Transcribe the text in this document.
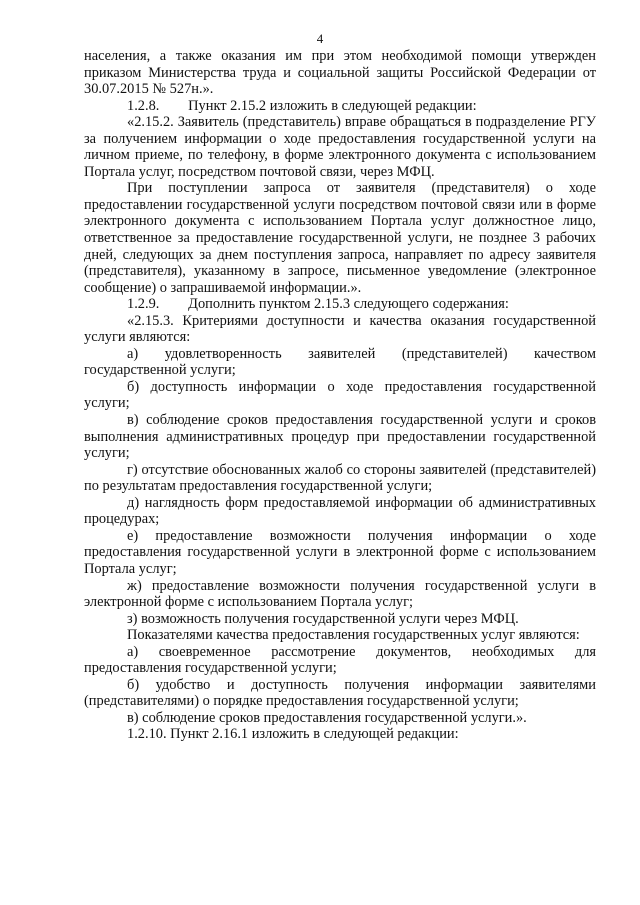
4

населения, а также оказания им при этом необходимой помощи утвержден приказом Министерства труда и социальной защиты Российской Федерации от 30.07.2015 № 527н.».

1.2.8.        Пункт 2.15.2 изложить в следующей редакции:

«2.15.2. Заявитель (представитель) вправе обращаться в подразделение РГУ за получением информации о ходе предоставления государственной услуги на личном приеме, по телефону, в форме электронного документа с использованием Портала услуг, посредством почтовой связи, через МФЦ.

При поступлении запроса от заявителя (представителя) о ходе предоставлении государственной услуги посредством почтовой связи или в форме электронного документа с использованием Портала услуг должностное лицо, ответственное за предоставление государственной услуги, не позднее 3 рабочих дней, следующих за днем поступления запроса, направляет по адресу заявителя (представителя), указанному в запросе, письменное уведомление (электронное сообщение) о запрашиваемой информации.».

1.2.9.        Дополнить пунктом 2.15.3 следующего содержания:

«2.15.3. Критериями доступности и качества оказания государственной услуги являются:

а) удовлетворенность заявителей (представителей) качеством государственной услуги;

б) доступность информации о ходе предоставления государственной услуги;

в) соблюдение сроков предоставления государственной услуги и сроков выполнения административных процедур при предоставлении государственной услуги;

г) отсутствие обоснованных жалоб со стороны заявителей (представителей) по результатам предоставления государственной услуги;

д) наглядность форм предоставляемой информации об административных процедурах;

е) предоставление возможности получения информации о ходе предоставления государственной услуги в электронной форме с использованием Портала услуг;

ж) предоставление возможности получения государственной услуги в электронной форме с использованием Портала услуг;

з) возможность получения государственной услуги через МФЦ.

Показателями качества предоставления государственных услуг являются:

а) своевременное рассмотрение документов, необходимых для предоставления государственной услуги;

б) удобство и доступность получения информации заявителями (представителями) о порядке предоставления государственной услуги;

в) соблюдение сроков предоставления государственной услуги.».

1.2.10. Пункт 2.16.1 изложить в следующей редакции:
